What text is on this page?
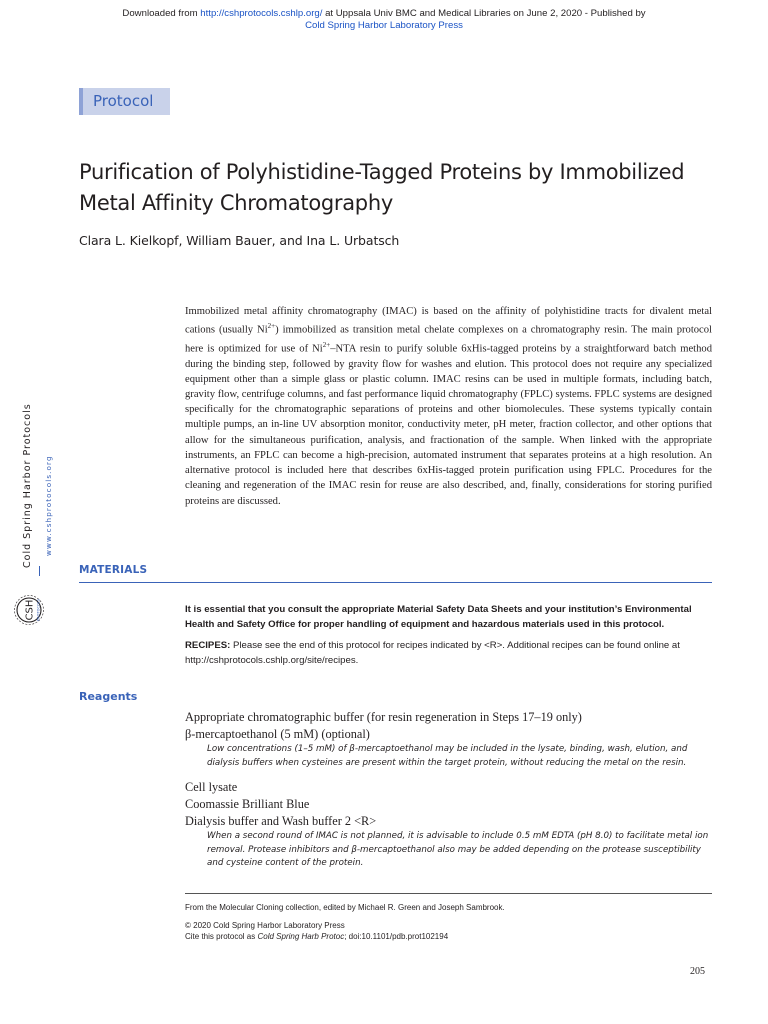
Downloaded from http://cshprotocols.cshlp.org/ at Uppsala Univ BMC and Medical Libraries on June 2, 2020 - Published by
Cold Spring Harbor Laboratory Press
Protocol
Purification of Polyhistidine-Tagged Proteins by Immobilized Metal Affinity Chromatography
Clara L. Kielkopf, William Bauer, and Ina L. Urbatsch

Immobilized metal affinity chromatography (IMAC) is based on the affinity of polyhistidine tracts for divalent metal cations (usually $Ni^{2+}$) immobilized as transition metal chelate complexes on a chromatography resin. The main protocol here is optimized for use of $Ni^{2+}$–NTA resin to purify soluble 6xHis-tagged proteins by a straightforward batch method during the binding step, followed by gravity flow for washes and elution. This protocol does not require any specialized equipment other than a simple glass or plastic column. IMAC resins can be used in multiple formats, including batch, gravity flow, centrifuge columns, and fast performance liquid chromatography (FPLC) systems. FPLC systems are designed specifically for the chromatographic separations of proteins and other biomolecules. These systems typically contain multiple pumps, an in-line UV absorption monitor, conductivity meter, pH meter, fraction collector, and other options that allow for the simultaneous purification, analysis, and fractionation of the sample. When linked with the appropriate instruments, an FPLC can become a high-precision, automated instrument that separates proteins at a high resolution. An alternative protocol is included here that describes 6xHis-tagged protein purification using FPLC. Procedures for the cleaning and regeneration of the IMAC resin for reuse are also described, and, finally, considerations for storing purified proteins are discussed.

Cold Spring Harbor Protocols www.cshprotocols.org
CSH PROTOCOLS
MATERIALS

It is essential that you consult the appropriate Material Safety Data Sheets and your institution’s Environmental Health and Safety Office for proper handling of equipment and hazardous materials used in this protocol.

RECIPES: Please see the end of this protocol for recipes indicated by <R>. Additional recipes can be found online at http://cshprotocols.cshlp.org/site/recipes.

Reagents
Appropriate chromatographic buffer (for resin regeneration in Steps 17–19 only)
β-mercaptoethanol (5 mM) (optional)

Low concentrations (1–5 mM) of β-mercaptoethanol may be included in the lysate, binding, wash, elution, and dialysis buffers when cysteines are present within the target protein, without reducing the metal on the resin.

Cell lysate
Coomassie Brilliant Blue
Dialysis buffer and Wash buffer 2 <R>

When a second round of IMAC is not planned, it is advisable to include 0.5 mM EDTA (pH 8.0) to facilitate metal ion removal. Protease inhibitors and β-mercaptoethanol also may be added depending on the protease susceptibility and cysteine content of the protein.

From the Molecular Cloning collection, edited by Michael R. Green and Joseph Sambrook.
© 2020 Cold Spring Harbor Laboratory Press
Cite this protocol as Cold Spring Harb Protoc; doi:10.1101/pdb.prot102194
205
